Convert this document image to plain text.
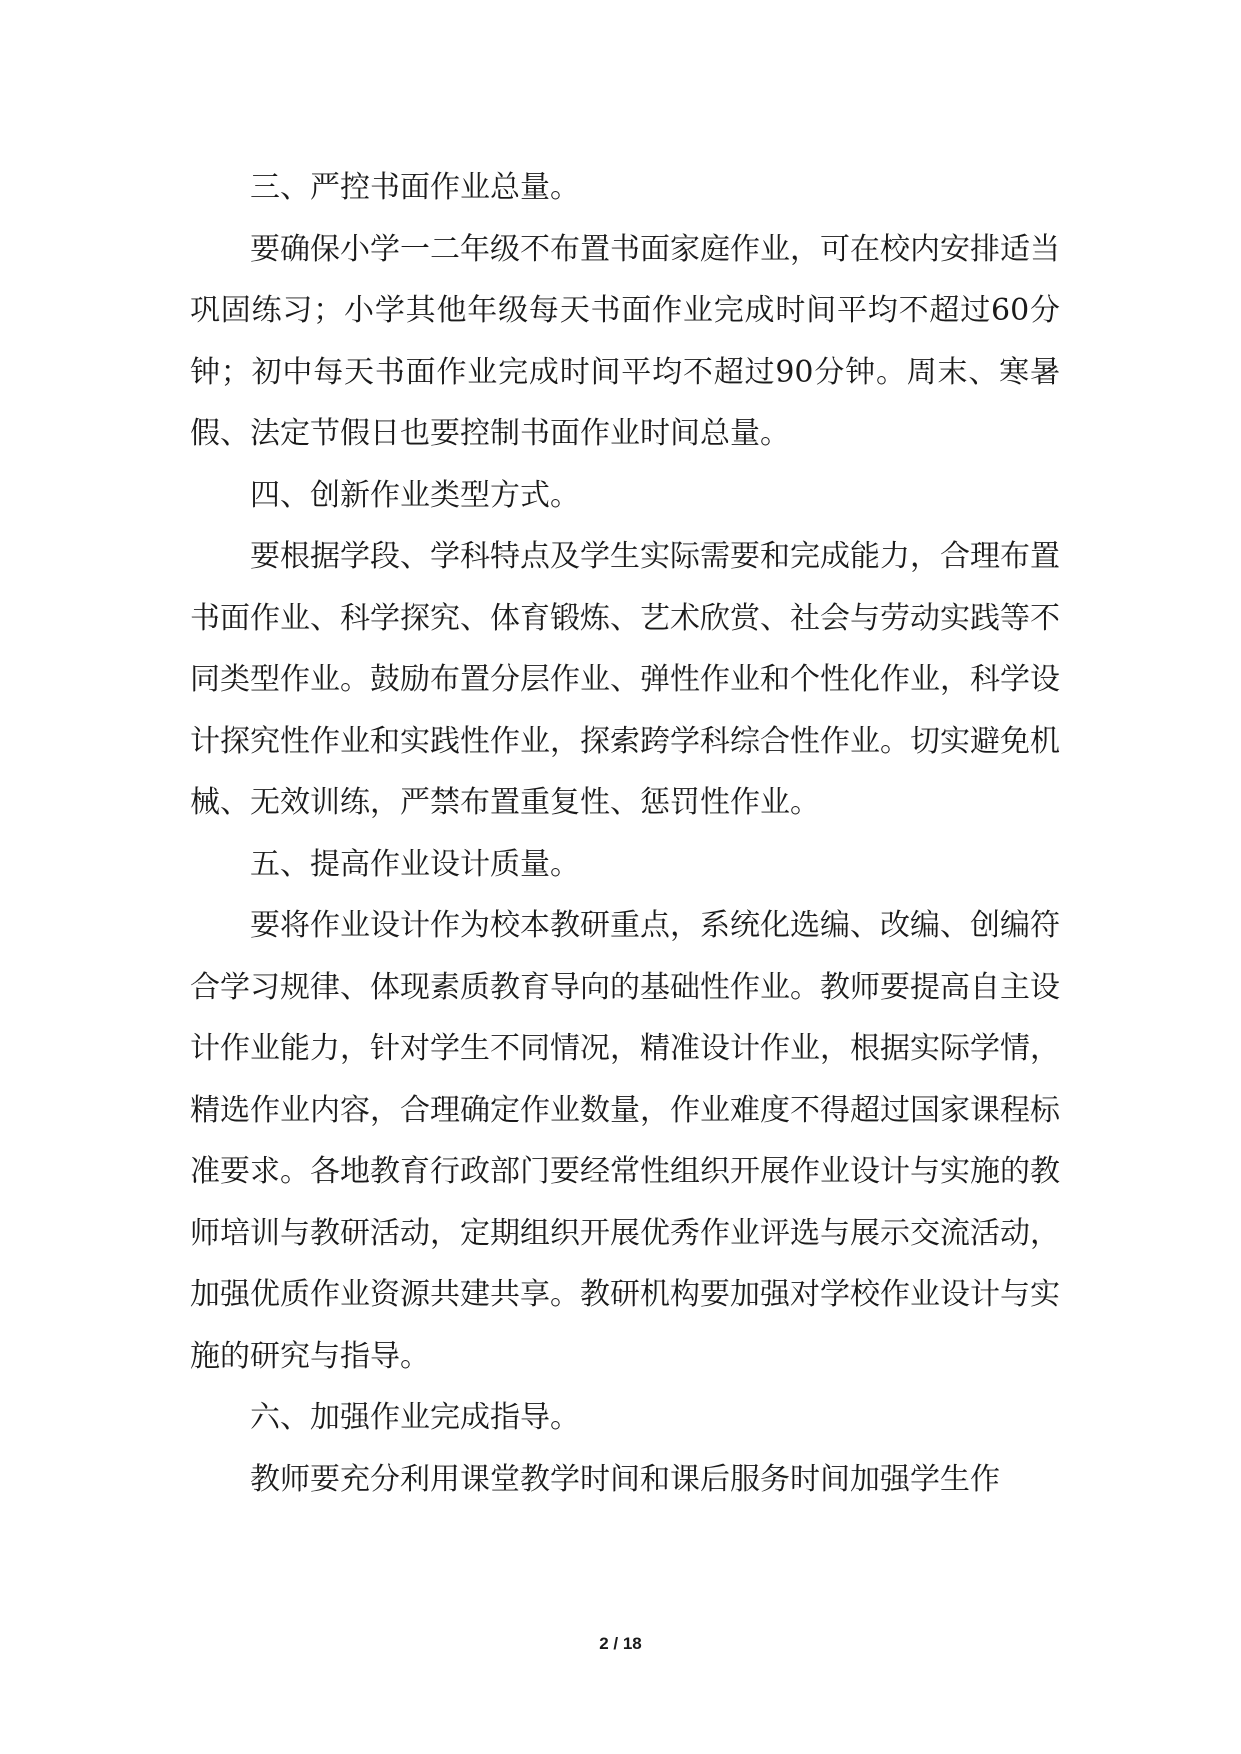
三、严控书面作业总量。

要确保小学一二年级不布置书面家庭作业，可在校内安排适当巩固练习；小学其他年级每天书面作业完成时间平均不超过60分钟；初中每天书面作业完成时间平均不超过90分钟。周末、寒暑假、法定节假日也要控制书面作业时间总量。

四、创新作业类型方式。

要根据学段、学科特点及学生实际需要和完成能力，合理布置书面作业、科学探究、体育锻炼、艺术欣赏、社会与劳动实践等不同类型作业。鼓励布置分层作业、弹性作业和个性化作业，科学设计探究性作业和实践性作业，探索跨学科综合性作业。切实避免机械、无效训练，严禁布置重复性、惩罚性作业。

五、提高作业设计质量。

要将作业设计作为校本教研重点，系统化选编、改编、创编符合学习规律、体现素质教育导向的基础性作业。教师要提高自主设计作业能力，针对学生不同情况，精准设计作业，根据实际学情，精选作业内容，合理确定作业数量，作业难度不得超过国家课程标准要求。各地教育行政部门要经常性组织开展作业设计与实施的教师培训与教研活动，定期组织开展优秀作业评选与展示交流活动，加强优质作业资源共建共享。教研机构要加强对学校作业设计与实施的研究与指导。

六、加强作业完成指导。

教师要充分利用课堂教学时间和课后服务时间加强学生作

2 / 18
